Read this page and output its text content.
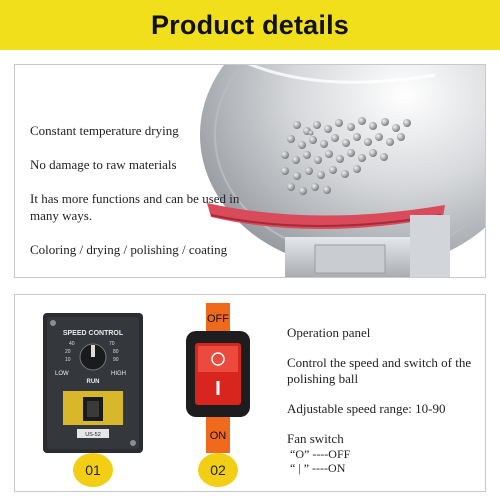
Product details
Constant temperature drying
No damage to raw materials
It has more functions and can be used in many ways.
Coloring / drying / polishing / coating
SPEED CONTROL
20
40	70
80
90
10
LOW	HIGH
RUN
US-52
OFF
ON
01	02
Operation panel
Control the speed and switch of the polishing ball
Adjustable speed range: 10-90
Fan switch
“O” ----OFF
“ | ” ----ON
